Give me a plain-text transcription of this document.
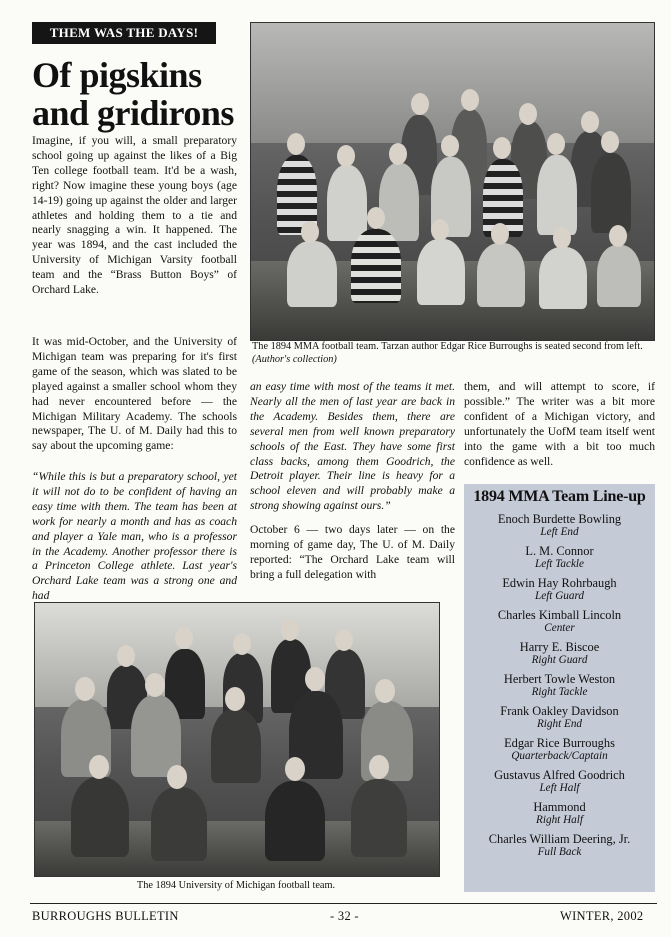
THEM WAS THE DAYS!
Of pigskins and gridirons
Imagine, if you will, a small preparatory school going up against the likes of a Big Ten college football team. It'd be a wash, right? Now imagine these young boys (age 14-19) going up against the older and larger athletes and holding them to a tie and nearly snagging a win. It happened. The year was 1894, and the cast included the University of Michigan Varsity football team and the “Brass Button Boys” of Orchard Lake.
The 1894 MMA football team. Tarzan author Edgar Rice Burroughs is seated second from left. (Author's collection)
It was mid-October, and the University of Michigan team was preparing for it's first game of the season, which was slated to be played against a smaller school whom they had never encountered before — the Michigan Military Academy. The schools newspaper, The U. of M. Daily had this to say about the upcoming game:
“While this is but a preparatory school, yet it will not do to be confident of having an easy time with them. The team has been at work for nearly a month and has as coach and player a Yale man, who is a professor in the Academy. Another professor there is a Princeton College athlete. Last year's Orchard Lake team was a strong one and had
an easy time with most of the teams it met. Nearly all the men of last year are back in the Academy. Besides them, there are several men from well known preparatory schools of the East. They have some first class backs, among them Goodrich, the Detroit player. Their line is heavy for a school eleven and will probably make a strong showing against ours.”
October 6 — two days later — on the morning of game day, The U. of M. Daily reported: “The Orchard Lake team will bring a full delegation with
them, and will attempt to score, if possible.” The writer was a bit more confident of a Michigan victory, and unfortunately the UofM team itself went into the game with a bit too much confidence as well.
The 1894 University of Michigan football team.
1894 MMA Team Line-up
Enoch Burdette Bowling
Left End
L. M. Connor
Left Tackle
Edwin Hay Rohrbaugh
Left Guard
Charles Kimball Lincoln
Center
Harry E. Biscoe
Right Guard
Herbert Towle Weston
Right Tackle
Frank Oakley Davidson
Right End
Edgar Rice Burroughs
Quarterback/Captain
Gustavus Alfred Goodrich
Left Half
Hammond
Right Half
Charles William Deering, Jr.
Full Back
BURROUGHS BULLETIN	- 32 -	WINTER, 2002
